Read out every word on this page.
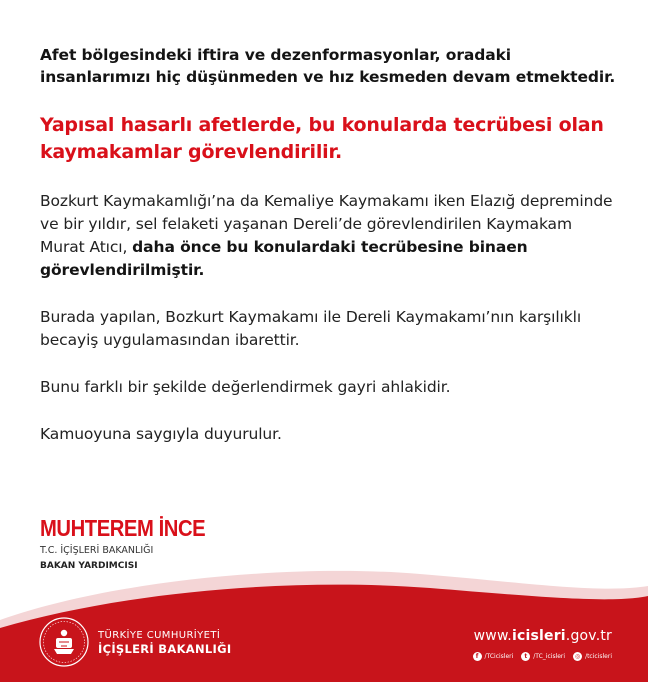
Afet bölgesindeki iftira ve dezenformasyonlar, oradaki insanlarımızı hiç düşünmeden ve hız kesmeden devam etmektedir.

Yapısal hasarlı afetlerde, bu konularda tecrübesi olan kaymakamlar görevlendirilir.

Bozkurt Kaymakamlığı’na da Kemaliye Kaymakamı iken Elazığ depreminde ve bir yıldır, sel felaketi yaşanan Dereli’de görevlendirilen Kaymakam Murat Atıcı, daha önce bu konulardaki tecrübesine binaen görevlendirilmiştir.

Burada yapılan, Bozkurt Kaymakamı ile Dereli Kaymakamı’nın karşılıklı becayiş uygulamasından ibarettir.

Bunu farklı bir şekilde değerlendirmek gayri ahlakidir.

Kamuoyuna saygıyla duyurulur.

MUHTEREM İNCE
T.C. İÇİŞLERİ BAKANLIĞI
BAKAN YARDIMCISI
TÜRKİYE CUMHURİYETİ
İÇİŞLERİ BAKANLIĞI
www.icisleri.gov.tr
f	/TCicisleri	t	/TC_icisleri	◎ /tcicisleri
